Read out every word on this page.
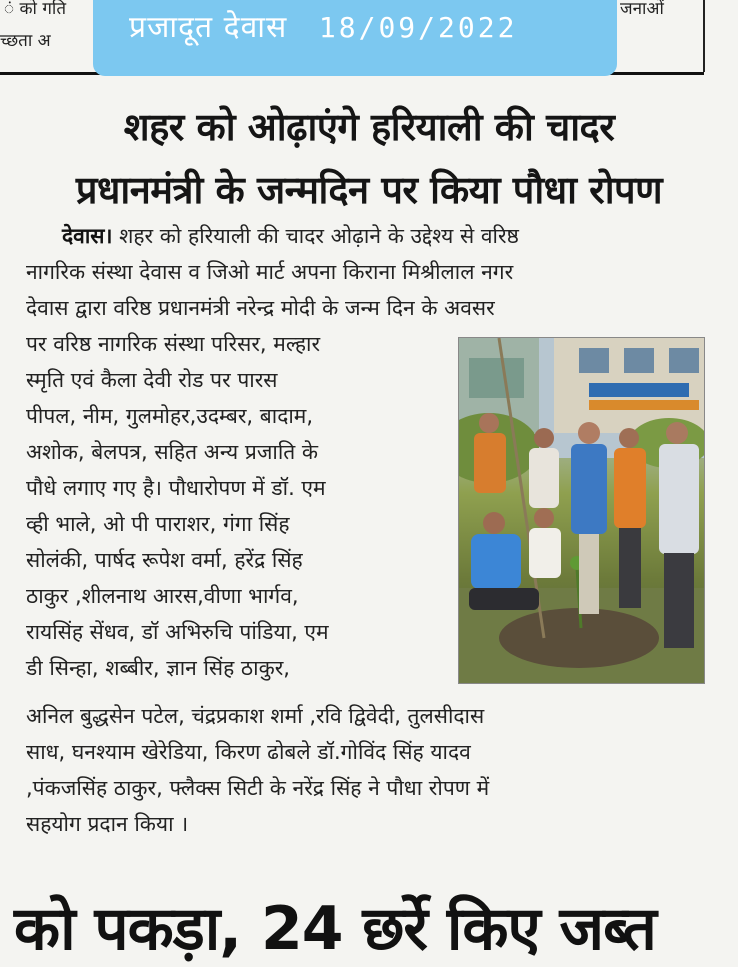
ं को गति
च्छता अ
जनाओं
प्रजादूत देवास 18/09/2022
शहर को ओढ़ाएंगे हरियाली की चादर
प्रधानमंत्री के जन्मदिन पर किया पौधा रोपण
देवास। शहर को हरियाली की चादर ओढ़ाने के उद्देश्य से वरिष्ठ
नागरिक संस्था देवास व जिओ मार्ट अपना किराना मिश्रीलाल नगर
देवास द्वारा वरिष्ठ प्रधानमंत्री नरेन्द्र मोदी के जन्म दिन के अवसर
पर वरिष्ठ नागरिक संस्था परिसर, मल्हार
स्मृति एवं कैला देवी रोड पर पारस
पीपल, नीम, गुलमोहर,उदम्बर, बादाम,
अशोक, बेलपत्र, सहित अन्य प्रजाति के
पौधे लगाए गए है। पौधारोपण में डॉ. एम
व्ही भाले, ओ पी पाराशर, गंगा सिंह
सोलंकी, पार्षद रूपेश वर्मा, हरेंद्र सिंह
ठाकुर ,शीलनाथ आरस,वीणा भार्गव,
रायसिंह सेंधव, डॉ अभिरुचि पांडिया, एम
डी सिन्हा, शब्बीर, ज्ञान सिंह ठाकुर,
अनिल बुद्धसेन पटेल, चंद्रप्रकाश शर्मा ,रवि द्विवेदी, तुलसीदास
साध, घनश्याम खेरेडिया, किरण ढोबले डॉ.गोविंद सिंह यादव
,पंकजसिंह ठाकुर, फ्लैक्स सिटी के नरेंद्र सिंह ने पौधा रोपण में
सहयोग प्रदान किया ।
को पकड़ा, 24 छर्रे किए जब्त
